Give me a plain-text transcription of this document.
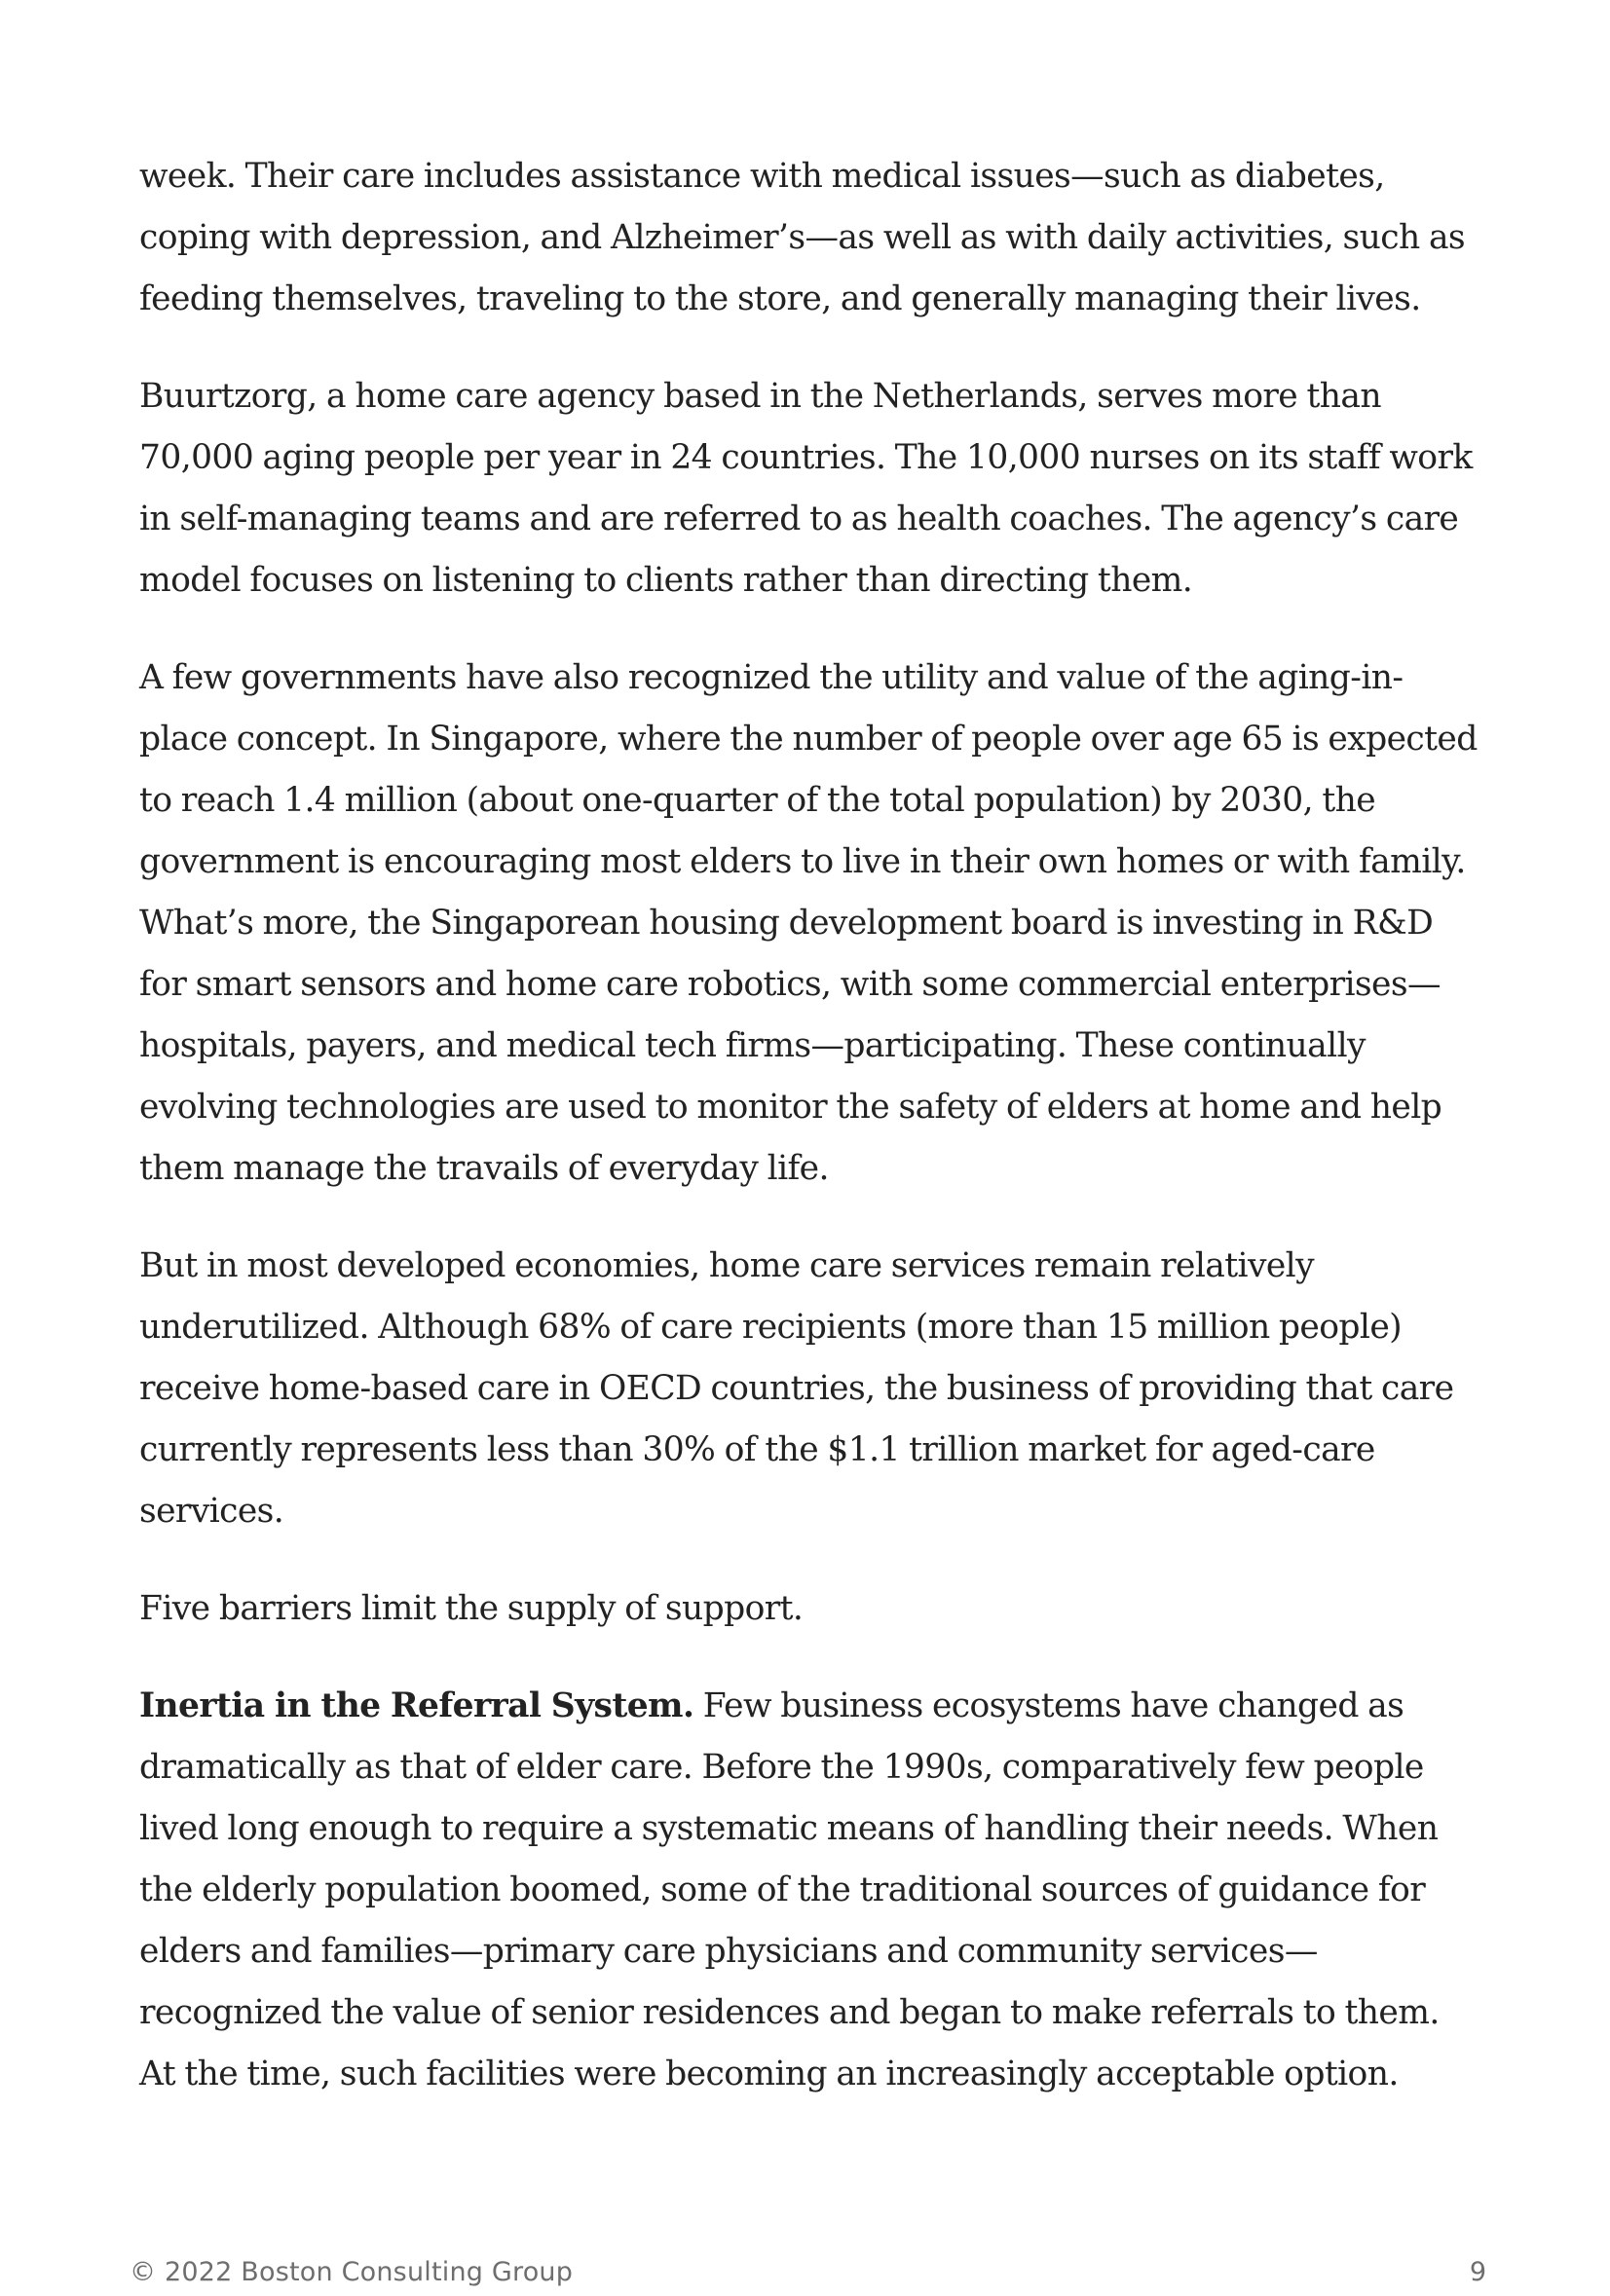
week. Their care includes assistance with medical issues—such as diabetes, coping with depression, and Alzheimer’s—as well as with daily activities, such as feeding themselves, traveling to the store, and generally managing their lives.

Buurtzorg, a home care agency based in the Netherlands, serves more than 70,000 aging people per year in 24 countries. The 10,000 nurses on its staff work in self-managing teams and are referred to as health coaches. The agency’s care model focuses on listening to clients rather than directing them.

A few governments have also recognized the utility and value of the aging-in-place concept. In Singapore, where the number of people over age 65 is expected to reach 1.4 million (about one-quarter of the total population) by 2030, the government is encouraging most elders to live in their own homes or with family. What’s more, the Singaporean housing development board is investing in R&D for smart sensors and home care robotics, with some commercial enterprises—hospitals, payers, and medical tech firms—participating. These continually evolving technologies are used to monitor the safety of elders at home and help them manage the travails of everyday life.

But in most developed economies, home care services remain relatively underutilized. Although 68% of care recipients (more than 15 million people) receive home-based care in OECD countries, the business of providing that care currently represents less than 30% of the $1.1 trillion market for aged-care services.

Five barriers limit the supply of support.

Inertia in the Referral System. Few business ecosystems have changed as dramatically as that of elder care. Before the 1990s, comparatively few people lived long enough to require a systematic means of handling their needs. When the elderly population boomed, some of the traditional sources of guidance for elders and families—primary care physicians and community services—recognized the value of senior residences and began to make referrals to them. At the time, such facilities were becoming an increasingly acceptable option.

© 2022 Boston Consulting Group	9
